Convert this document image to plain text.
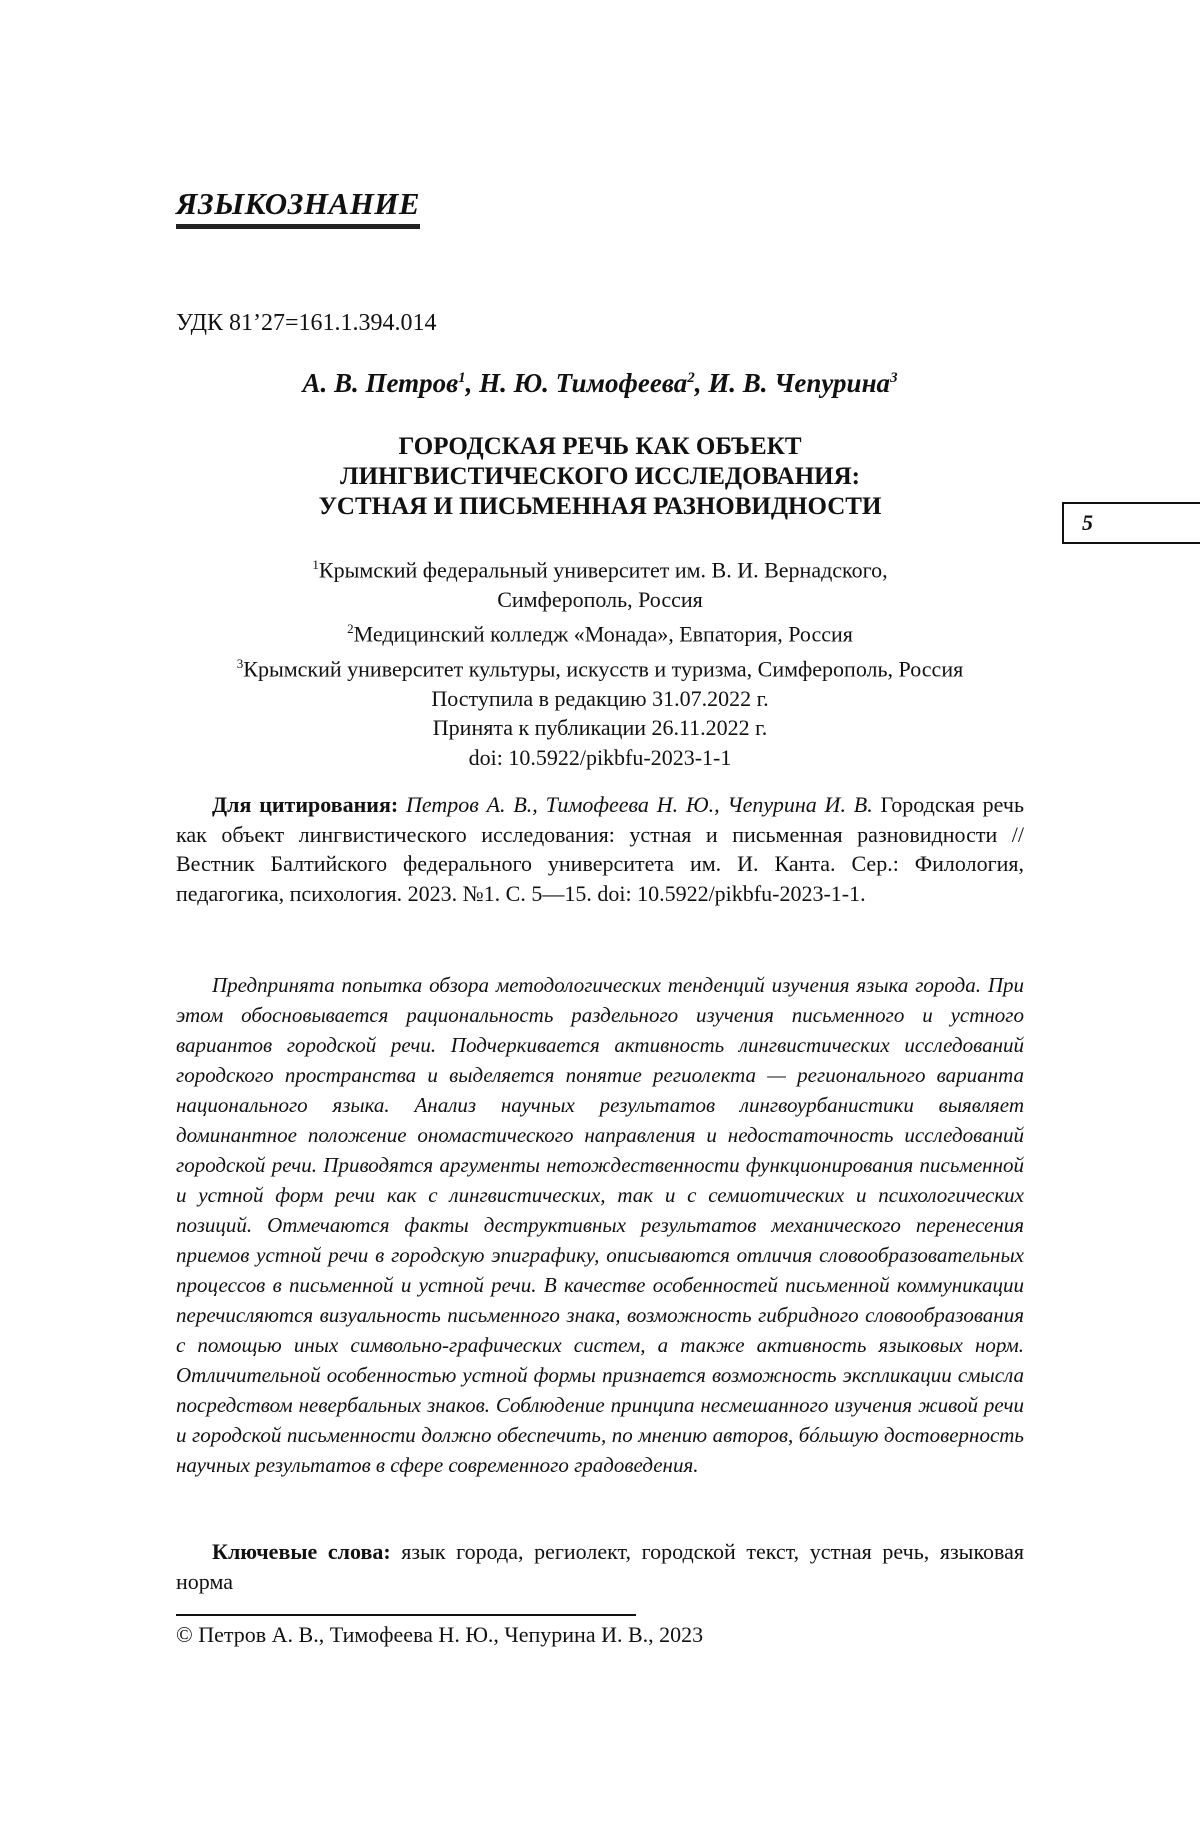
ЯЗЫКОЗНАНИЕ
УДК 81’27=161.1.394.014
А. В. Петров$^1$, Н. Ю. Тимофеева$^2$, И. В. Чепурина$^3$
ГОРОДСКАЯ РЕЧЬ КАК ОБЪЕКТ
ЛИНГВИСТИЧЕСКОГО ИССЛЕДОВАНИЯ:
УСТНАЯ И ПИСЬМЕННАЯ РАЗНОВИДНОСТИ
5
$^1$Крымский федеральный университет им. В. И. Вернадского,
Симферополь, Россия
$^2$Медицинский колледж «Монада», Евпатория, Россия
$^3$Крымский университет культуры, искусств и туризма, Симферополь, Россия
Поступила в редакцию 31.07.2022 г.
Принята к публикации 26.11.2022 г.
doi: 10.5922/pikbfu-2023-1-1
Для цитирования: Петров А. В., Тимофеева Н. Ю., Чепурина И. В. Городская речь как объект лингвистического исследования: устная и письменная разновидности // Вестник Балтийского федерального университета им. И. Канта. Сер.: Филология, педагогика, психология. 2023. №1. С. 5—15. doi: 10.5922/pikbfu-2023-1-1.
Предпринята попытка обзора методологических тенденций изучения языка города. При этом обосновывается рациональность раздельного изучения письменного и устного вариантов городской речи. Подчеркивается активность лингвистических исследований городского пространства и выделяется понятие региолекта — регионального варианта национального языка. Анализ научных результатов лингвоурбанистики выявляет доминантное положение ономастического направления и недостаточность исследований городской речи. Приводятся аргументы нетождественности функционирования письменной и устной форм речи как с лингвистических, так и с семиотических и психологических позиций. Отмечаются факты деструктивных результатов механического перенесения приемов устной речи в городскую эпиграфику, описываются отличия словообразовательных процессов в письменной и устной речи. В качестве особенностей письменной коммуникации перечисляются визуальность письменного знака, возможность гибридного словообразования с помощью иных символьно-графических систем, а также активность языковых норм. Отличительной особенностью устной формы признается возможность экспликации смысла посредством невербальных знаков. Соблюдение принципа несмешанного изучения живой речи и городской письменности должно обеспечить, по мнению авторов, бóльшую достоверность научных результатов в сфере современного градоведения.
Ключевые слова: язык города, региолект, городской текст, устная речь, языковая норма
© Петров А. В., Тимофеева Н. Ю., Чепурина И. В., 2023
